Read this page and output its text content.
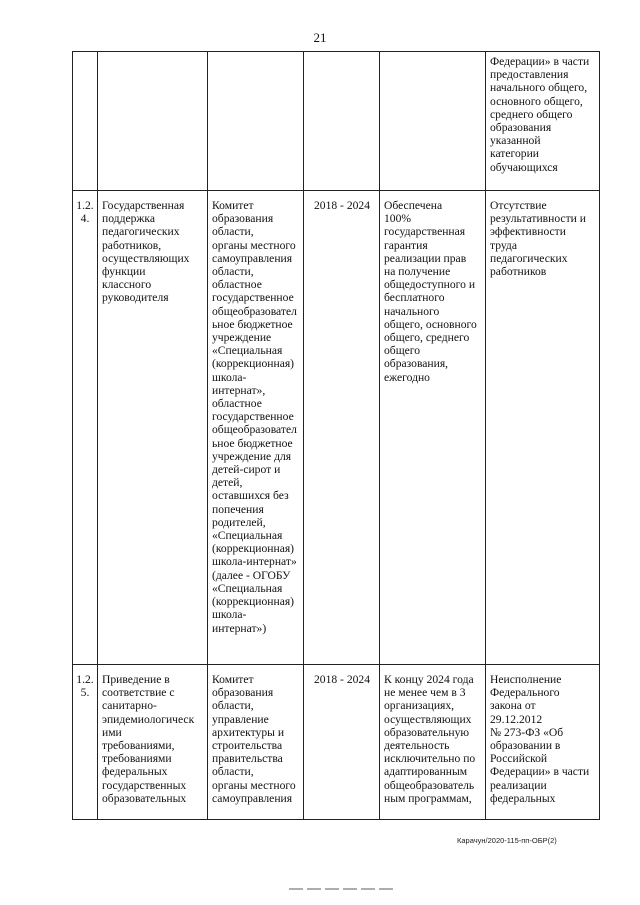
21
Федерации» в части
предоставления
начального общего,
основного общего,
среднего общего
образования
указанной
категории
обучающихся
1.2.
4.
Государственная
поддержка
педагогических
работников,
осуществляющих
функции
классного
руководителя
Комитет
образования
области,
органы местного
самоуправления
области,
областное
государственное
общеобразовател
ьное бюджетное
учреждение
«Специальная
(коррекционная)
школа-
интернат»,
областное
государственное
общеобразовател
ьное бюджетное
учреждение для
детей-сирот и
детей,
оставшихся без
попечения
родителей,
«Специальная
(коррекционная)
школа-интернат»
(далее - ОГОБУ
«Специальная
(коррекционная)
школа-
интернат»)
2018 - 2024	Обеспечена
100%
государственная
гарантия
реализации прав
на получение
общедоступного и
бесплатного
начального
общего, основного
общего, среднего
общего
образования,
ежегодно
Отсутствие
результативности и
эффективности
труда
педагогических
работников
1.2.
5.
Приведение в
соответствие с
санитарно-
эпидемиологическ
ими
требованиями,
требованиями
федеральных
государственных
образовательных
Комитет
образования
области,
управление
архитектуры и
строительства
правительства
области,
органы местного
самоуправления
2018 - 2024	К концу 2024 года
не менее чем в 3
организациях,
осуществляющих
образовательную
деятельность
исключительно по
адаптированным
общеобразователь
ным программам,
Неисполнение
Федерального
закона от
29.12.2012
№ 273-ФЗ «Об
образовании в
Российской
Федерации» в части
реализации
федеральных
Карачун/2020-115-пп-ОБР(2)
